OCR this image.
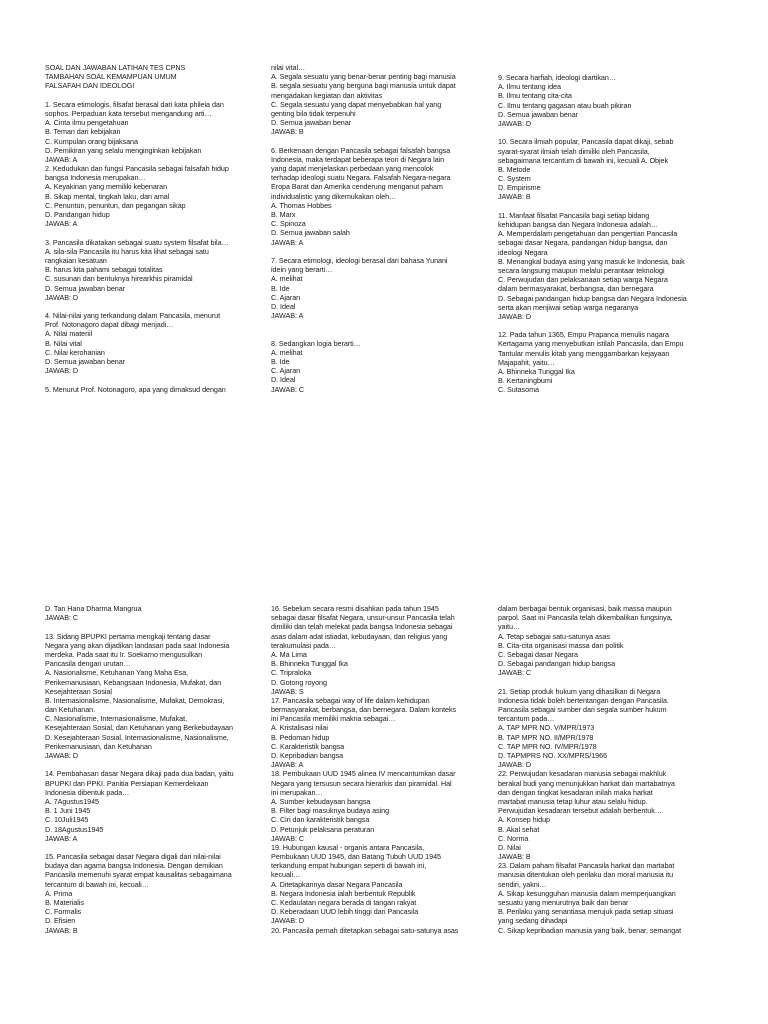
SOAL DAN JAWABAN LATIHAN TES CPNS
TAMBAHAN SOAL KEMAMPUAN UMUM
FALSAFAH DAN IDEOLOGI
1. Secara etimologis, filsafat berasal dari kata phileia dan
sophos. Perpaduan kata tersebut mengandung arti…
A. Cinta ilmu pengetahuan
B. Teman dari kebijakan
C. Kumpulan orang bijaksana
D. Pemikiran yang selalu menginginkan kebijakan
JAWAB: A
2. Kedudukan dan fungsi Pancasila sebagai falsafah hidup
bangsa Indonesia merupakan…
A. Keyakinan yang memiliki kebenaran
B. Sikap mental, tingkah laku, dan amal
C. Penuntun, penuntun, dan pegangan sikap
D. Pandangan hidup
JAWAB: A
3. Pancasila dikatakan sebagai suatu system filsafat bila…
A. sila-sila Pancasila itu harus kita lihat sebagai satu
rangkaian kesatuan
B. harus kita pahami sebagai totalitas
C. susunan dan bentuknya hirearkhis piramidal
D. Semua jawaban benar
JAWAB: D
4. Nilai-nilai yang terkandung dalam Pancasila, menurut
Prof. Notonagoro dapat dibagi menjadi…
A. Nilai materiil
B. Nilai vital
C. Nilai kerohanian
D. Semua jawaban benar
JAWAB: D
5. Menurut Prof. Notonagoro, apa yang dimaksud dengan
nilai vital…
A. Segala sesuatu yang benar-benar penting bagi manusia
B. segala sesuatu yang berguna bagi manusia untuk dapat
mengadakan kegiatan dan aktivitas
C. Segala sesuatu yang dapat menyebabkan hal yang
genting bila tidak terpenuhi
D. Semua jawaban benar
JAWAB: B
6. Berkenaan dengan Pancasila sebagai falsafah bangsa
Indonesia, maka terdapat beberapa teori di Negara lain
yang dapat menjelaskan perbedaan yang mencolok
terhadap ideologi suatu Negara. Falsafah Negara-negara
Eropa Barat dan Amerika cenderung menganut paham
individualistic yang dikemukakan oleh…
A. Thomas Hobbes
B. Marx
C. Spinoza
D. Semua jawaban salah
JAWAB: A
7. Secara etimologi, ideologi berasal dari bahasa Yunani
idein yang berarti…
A. melihat
B. Ide
C. Ajaran
D. Ideal
JAWAB: A
8. Sedangkan logia berarti…
A. melihat
B. Ide
C. Ajaran
D. Ideal
JAWAB: C
9. Secara harfiah, ideologi diartikan…
A. Ilmu tentang idea
B. Ilmu tentang cita-cita
C. Ilmu tentang gagasan atau buah pikiran
D. Semua jawaban benar
JAWAB: D
10. Secara ilmiah popular, Pancasila dapat dikaji, sebab
syarat-syarat ilmiah telah dimiliki oleh Pancasila,
sebagaimana tercantum di bawah ini, kecuali A. Objek
B. Metode
C. System
D. Empirisme
JAWAB: B
11. Manfaat filsafat Pancasila bagi setiap bidang
kehidupan bangsa dan Negara Indonesia adalah…
A. Memperdalam pengetahuan dan pengertian Pancasila
sebagai dasar Negara, pandangan hidup bangsa, dan
ideologi Negara
B. Menangkal budaya asing yang masuk ke Indonesia, baik
secara langsung maupun melalui perantaar teknologi
C. Perwujudan dan pelaksanaan setiap warga Negara
dalam bermasyarakat, berbangsa, dan bernegara
D. Sebagai pandangan hidup bangsa dan Negara Indonesia
serta akan menjiwai setiap warga negaranya
JAWAB: D
12. Pada tahun 1365, Empu Prapanca menulis nagara
Kertagama yang menyebutkan istilah Pancasila, dan Empu
Tantular menulis kitab yang menggambarkan kejayaan
Majapahit, yaitu…
A. Bhinneka Tunggal Ika
B. Kertaningbumi
C. Sutasoma
D. Tan Hana Dharma Mangrua
JAWAB: C
13. Sidang BPUPKI pertama mengkaji tentang dasar
Negara yang akan dijadikan landasan pada saat Indonesia
merdeka. Pada saat itu Ir. Soekarno mengusulkan
Pancasila dengan urutan…
A. Nasionalisme, Ketuhanan Yang Maha Esa,
Perikemanusiaan, Kebangsaan Indonesia, Mufakat, dan
Kesejahteraan Sosial
B. Internasionalisme, Nasionalisme, Mufakat, Demokrasi,
dan Ketuhanan.
C. Nasionalisme, Internasionalisme, Mufakat,
Kesejahteraan Sosial, dan Ketuhanan yang Berkebudayaan
D. Kesejahteraan Sosial, Internasionalisme, Nasionalisme,
Perikemanusiaan, dan Ketuhanan
JAWAB: D
14. Pembahasan dasar Negara dikaji pada dua badan, yaitu
BPUPKI dan PPKI. Panitia Persiapan Kemerdekaan
Indonesia dibentuk pada…
A. 7Agustus1945
B. 1 Juni 1945
C. 10Juli1945
D. 18Agustus1945
JAWAB: A
15. Pancasila sebagai dasar Negara digali dari nilai-nilai
budaya dan agama bangsa Indonesia. Dengan demikian
Pancasila memenuhi syarat empat kausalitas sebagaimana
tercantum di bawah ini, kecuali…
A. Prima
B. Materialis
C. Formalis
D. Efisien
JAWAB: B
16. Sebelum secara resmi disahkan pada tahun 1945
sebagai dasar filsafat Negara, unsur-unsur Pancasila telah
dimiliki dan telah melekat pada bangsa Indonesia sebagai
asas dalam adat istiadat, kebudayaan, dan religius yang
terakumulasi pada…
A. Ma Lima
B. Bhinneka Tunggal Ika
C. Tripraloka
D. Gotong royong
JAWAB: S
17. Pancasila sebagai way of life dalam kehidupan
bermasyarakat, berbangsa, dan bernegara. Dalam konteks
ini Pancasila memiliki makna sebagai…
A. Kristalisasi nilai
B. Pedoman hidup
C. Karakteristik bangsa
D. Kepribadian bangsa
JAWAB: A
18. Pembukaan UUD 1945 alinea IV mencantumkan dasar
Negara yang tersusun secara hierarkis dan piramidal. Hal
ini merupakan…
A. Sumber kebudayaan bangsa
B. Filter bagi masuknya budaya asing
C. Ciri dan karakteristik bangsa
D. Petunjuk pelaksana peraturan
JAWAB: C
19. Hubungan kausal - organis antara Pancasila,
Pembukaan UUD 1945, dan Batang Tubuh UUD 1945
terkandung empat hubungan seperti di bawah ini,
kecuali…
A. Ditetapkannya dasar Negara Pancasila
B. Negara Indonesia ialah berbentuk Republik
C. Kedaulatan negara berada di tangan rakyat
D. Keberadaan UUD lebih tinggi dari Pancasila
JAWAB: D
20. Pancasila pernah ditetapkan sebagai satu-satunya asas
dalam berbagai bentuk organisasi, baik massa maupun
parpol. Saat ini Pancasila telah dikembalikan fungsinya,
yaitu…
A. Tetap sebagai satu-satunya asas
B. Cita-cita organisasi massa dan politik
C. Sebagai dasar Negara
D. Sebagai pandangan hidup bangsa
JAWAB: C
21. Setiap produk hukum yang dihasilkan di Negara
Indonesia tidak boleh bertentangan dengan Pancasila.
Pancasila sebagai sumber dari segala sumber hukum
tercantum pada…
A. TAP MPR NO. V/MPR/1973
B. TAP MPR NO. II/MPR/1978
C. TAP MPR NO. IV/MPR/1978
D. TAPMPRS NO. XX/MPRS/1966
JAWAB: D
22. Perwujudan kesadaran manusia sebagai makhluk
berakal budi yang menunjukkan harkat dan martabatnya
dan dengan tingkat kesadaran inilah maka harkat
martabat manusia tetap luhur atau selalu hidup.
Perwujudan kesadaran tersebut adalah berbentuk…
A. Konsep hidup
B. Akal sehat
C. Norma
D. Nilai
JAWAB: B
23. Dalam paham filsafat Pancasila harkat dan martabat
manusia ditentukan oleh perilaku dan moral manusia itu
sendiri, yakni…
A. Sikap kesungguhan manusia dalam memperjuangkan
sesuatu yang menurutnya baik dan benar
B. Perilaku yang senantiasa merujuk pada setiap situasi
yang sedang dihadapi
C. Sikap kepribadian manusia yang baik, benar, semangat
